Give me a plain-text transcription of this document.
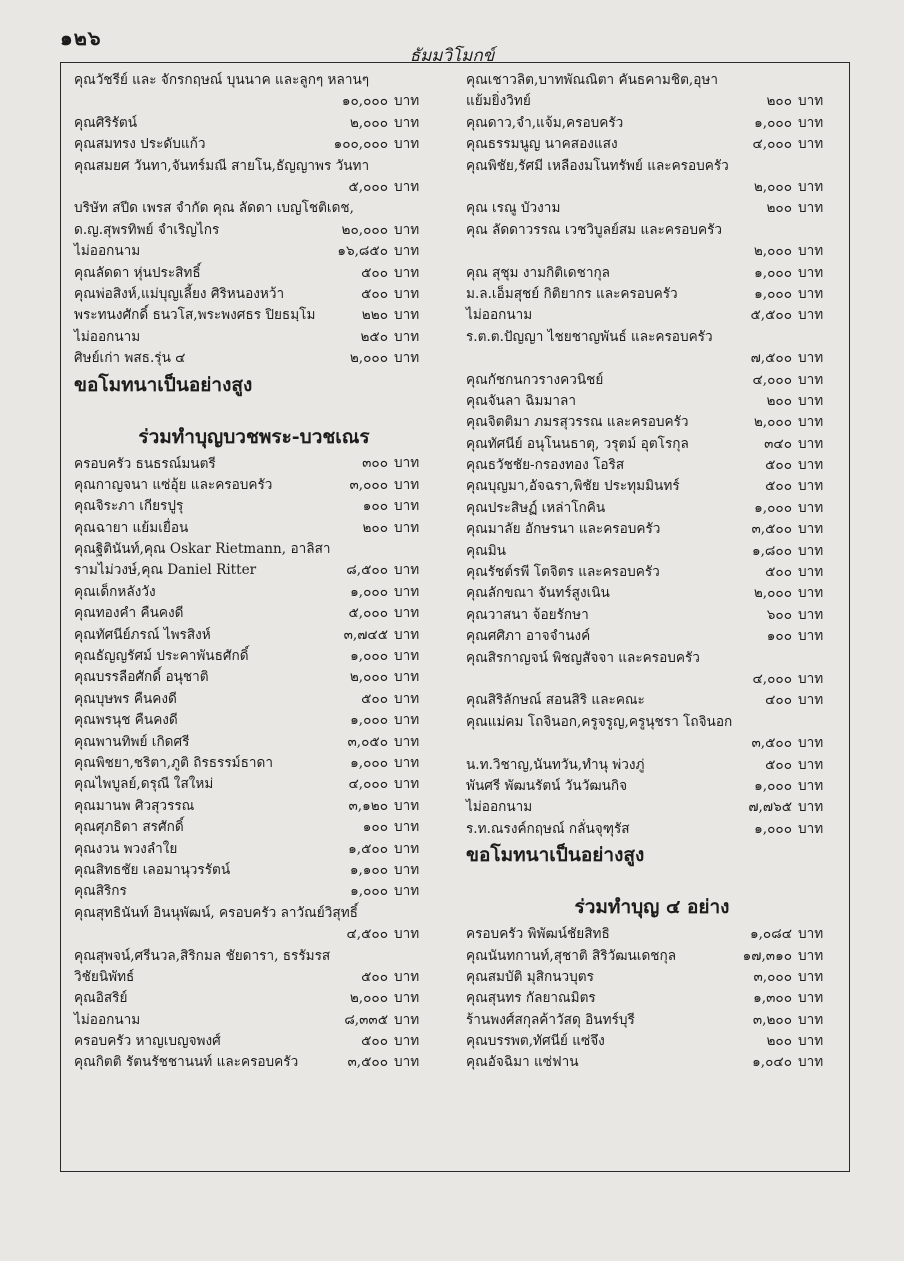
๑๒๖
ธัมมวิโมกข์
คุณวัชรีย์ และ จักรกฤษณ์ บุนนาค และลูกๆ หลานๆ
๑๐,๐๐๐ บาท
คุณศิริรัตน์	๒,๐๐๐ บาท
คุณสมทรง ประดับแก้ว	๑๐๐,๐๐๐ บาท
คุณสมยศ วันทา,จันทร์มณี สายโน,ธัญญาพร วันทา
๕,๐๐๐ บาท
บริษัท สปีด เพรส จำกัด คุณ ลัดดา เบญโชติเดช,
ด.ญ.สุพรทิพย์ จำเริญไกร	๒๐,๐๐๐ บาท
ไม่ออกนาม	๑๖,๘๕๐ บาท
คุณลัดดา หุ่นประสิทธิ์	๕๐๐ บาท
คุณพ่อสิงห์,แม่บุญเลี้ยง ศิริหนองหว้า	๕๐๐ บาท
พระทนงศักดิ์ ธนวโส,พระพงศธร ปิยธมฺโม	๒๒๐ บาท
ไม่ออกนาม	๒๕๐ บาท
ศิษย์เก่า พสธ.รุ่น ๔	๒,๐๐๐ บาท
ขอโมทนาเป็นอย่างสูง
ร่วมทำบุญบวชพระ-บวชเณร
ครอบครัว ธนธรณ์มนตรี	๓๐๐ บาท
คุณกาญจนา แซ่อุ้ย และครอบครัว	๓,๐๐๐ บาท
คุณจิระภา เกียรปูรุ	๑๐๐ บาท
คุณฉายา แย้มเยื่อน	๒๐๐ บาท
คุณฐิตินันท์,คุณ Oskar Rietmann, อาลิสา
รามไม่วงษ์,คุณ Daniel Ritter	๘,๕๐๐ บาท
คุณเด็กหลังวัง	๑,๐๐๐ บาท
คุณทองคำ คืนคงดี	๕,๐๐๐ บาท
คุณทัศนีย์ภรณ์ ไพรสิงห์	๓,๗๔๕ บาท
คุณธัญญรัศม์ ประคาพันธศักดิ์	๑,๐๐๐ บาท
คุณบรรลือศักดิ์ อนุชาติ	๒,๐๐๐ บาท
คุณบุษพร คืนคงดี	๕๐๐ บาท
คุณพรนุช คืนคงดี	๑,๐๐๐ บาท
คุณพานทิพย์ เกิดศรี	๓,๐๕๐ บาท
คุณพิชยา,ชริตา,ภูติ ถิรธรรม์ธาดา	๑,๐๐๐ บาท
คุณไพบูลย์,ดรุณี ใสใหม่	๔,๐๐๐ บาท
คุณมานพ ศิวสุวรรณ	๓,๑๒๐ บาท
คุณศุภธิดา สรศักดิ์	๑๐๐ บาท
คุณงวน พวงลำใย	๑,๕๐๐ บาท
คุณสิทธชัย เลอมานุวรรัตน์	๑,๑๐๐ บาท
คุณสิริกร	๑,๐๐๐ บาท
คุณสุทธินันท์ อินนุพัฒน์, ครอบครัว ลาวัณย์วิสุทธิ์
๔,๕๐๐ บาท
คุณสุพจน์,ศรีนวล,สิริกมล ชัยดารา, ธรรัมรส
วิชัยนิพัทธ์	๕๐๐ บาท
คุณอิสริย์	๒,๐๐๐ บาท
ไม่ออกนาม	๘,๓๓๕ บาท
ครอบครัว หาญเบญจพงศ์	๕๐๐ บาท
คุณกิตติ รัตนรัชชานนท์ และครอบครัว	๓,๕๐๐ บาท
คุณเชาวลิต,บาทพัณณิตา คันธคามชิต,อุษา
แย้มยิ่งวิทย์	๒๐๐ บาท
คุณดาว,จำ,แจ้ม,ครอบครัว	๑,๐๐๐ บาท
คุณธรรมนูญ นาคสองแสง	๔,๐๐๐ บาท
คุณพิชัย,รัศมี เหลืองมโนทรัพย์ และครอบครัว
๒,๐๐๐ บาท
คุณ เรณู บัวงาม	๒๐๐ บาท
คุณ ลัดดาวรรณ เวชวิบูลย์สม และครอบครัว
๒,๐๐๐ บาท
คุณ สุชุม งามกิติเดชากุล	๑,๐๐๐ บาท
ม.ล.เอ็มสุชย์ กิติยากร และครอบครัว	๑,๐๐๐ บาท
ไม่ออกนาม	๕,๕๐๐ บาท
ร.ต.ต.ปัญญา ไชยชาญพันธ์ และครอบครัว
๗,๕๐๐ บาท
คุณกัชกนกวรางควนิชย์	๔,๐๐๐ บาท
คุณจันลา ฉิมมาลา	๒๐๐ บาท
คุณจิตติมา ภมรสุวรรณ และครอบครัว	๒,๐๐๐ บาท
คุณทัศนีย์ อนุโนนธาตุ, วรุตม์ อุตโรกุล	๓๔๐ บาท
คุณธวัชชัย-กรองทอง โอริส	๕๐๐ บาท
คุณบุญมา,อัจฉรา,พิชัย ประทุมมินทร์	๕๐๐ บาท
คุณประสิษฏ์ เหล่าโกคิน	๑,๐๐๐ บาท
คุณมาลัย อักษรนา และครอบครัว	๓,๕๐๐ บาท
คุณมิน	๑,๘๐๐ บาท
คุณรัชต์รพี โตจิตร และครอบครัว	๕๐๐ บาท
คุณลักขณา จันทร์สูงเนิน	๒,๐๐๐ บาท
คุณวาสนา จ้อยรักษา	๖๐๐ บาท
คุณศศิภา อาจจำนงค์	๑๐๐ บาท
คุณสิรกาญจน์ พิชญสัจจา และครอบครัว
๔,๐๐๐ บาท
คุณสิริลักษณ์ สอนสิริ และคณะ	๔๐๐ บาท
คุณแม่คม โถจินอก,ครูจรูญ,ครูนุชรา โถจินอก
๓,๕๐๐ บาท
น.ท.วิชาญ,นันทวัน,ทำนุ พ่วงภู่	๕๐๐ บาท
พันศรี พัฒนรัตน์ วันวัฒนกิจ	๑,๐๐๐ บาท
ไม่ออกนาม	๗,๗๖๕ บาท
ร.ท.ณรงค์กฤษณ์ กลั่นจุฑุรัส	๑,๐๐๐ บาท
ขอโมทนาเป็นอย่างสูง
ร่วมทำบุญ ๔ อย่าง
ครอบครัว พิพัฒน์ชัยสิทธิ	๑,๐๘๔ บาท
คุณนันทกานท์,สุชาติ สิริวัฒนเดชกุล	๑๗,๓๑๐ บาท
คุณสมบัติ มุสิกนวบุตร	๓,๐๐๐ บาท
คุณสุนทร กัลยาณมิตร	๑,๓๐๐ บาท
ร้านพงศ์สกุลค้าวัสดุ อินทร์บุรี	๓,๒๐๐ บาท
คุณบรรพต,ทัศนีย์ แซ่จึง	๒๐๐ บาท
คุณอัจฉิมา แซ่ฟาน	๑,๐๔๐ บาท
